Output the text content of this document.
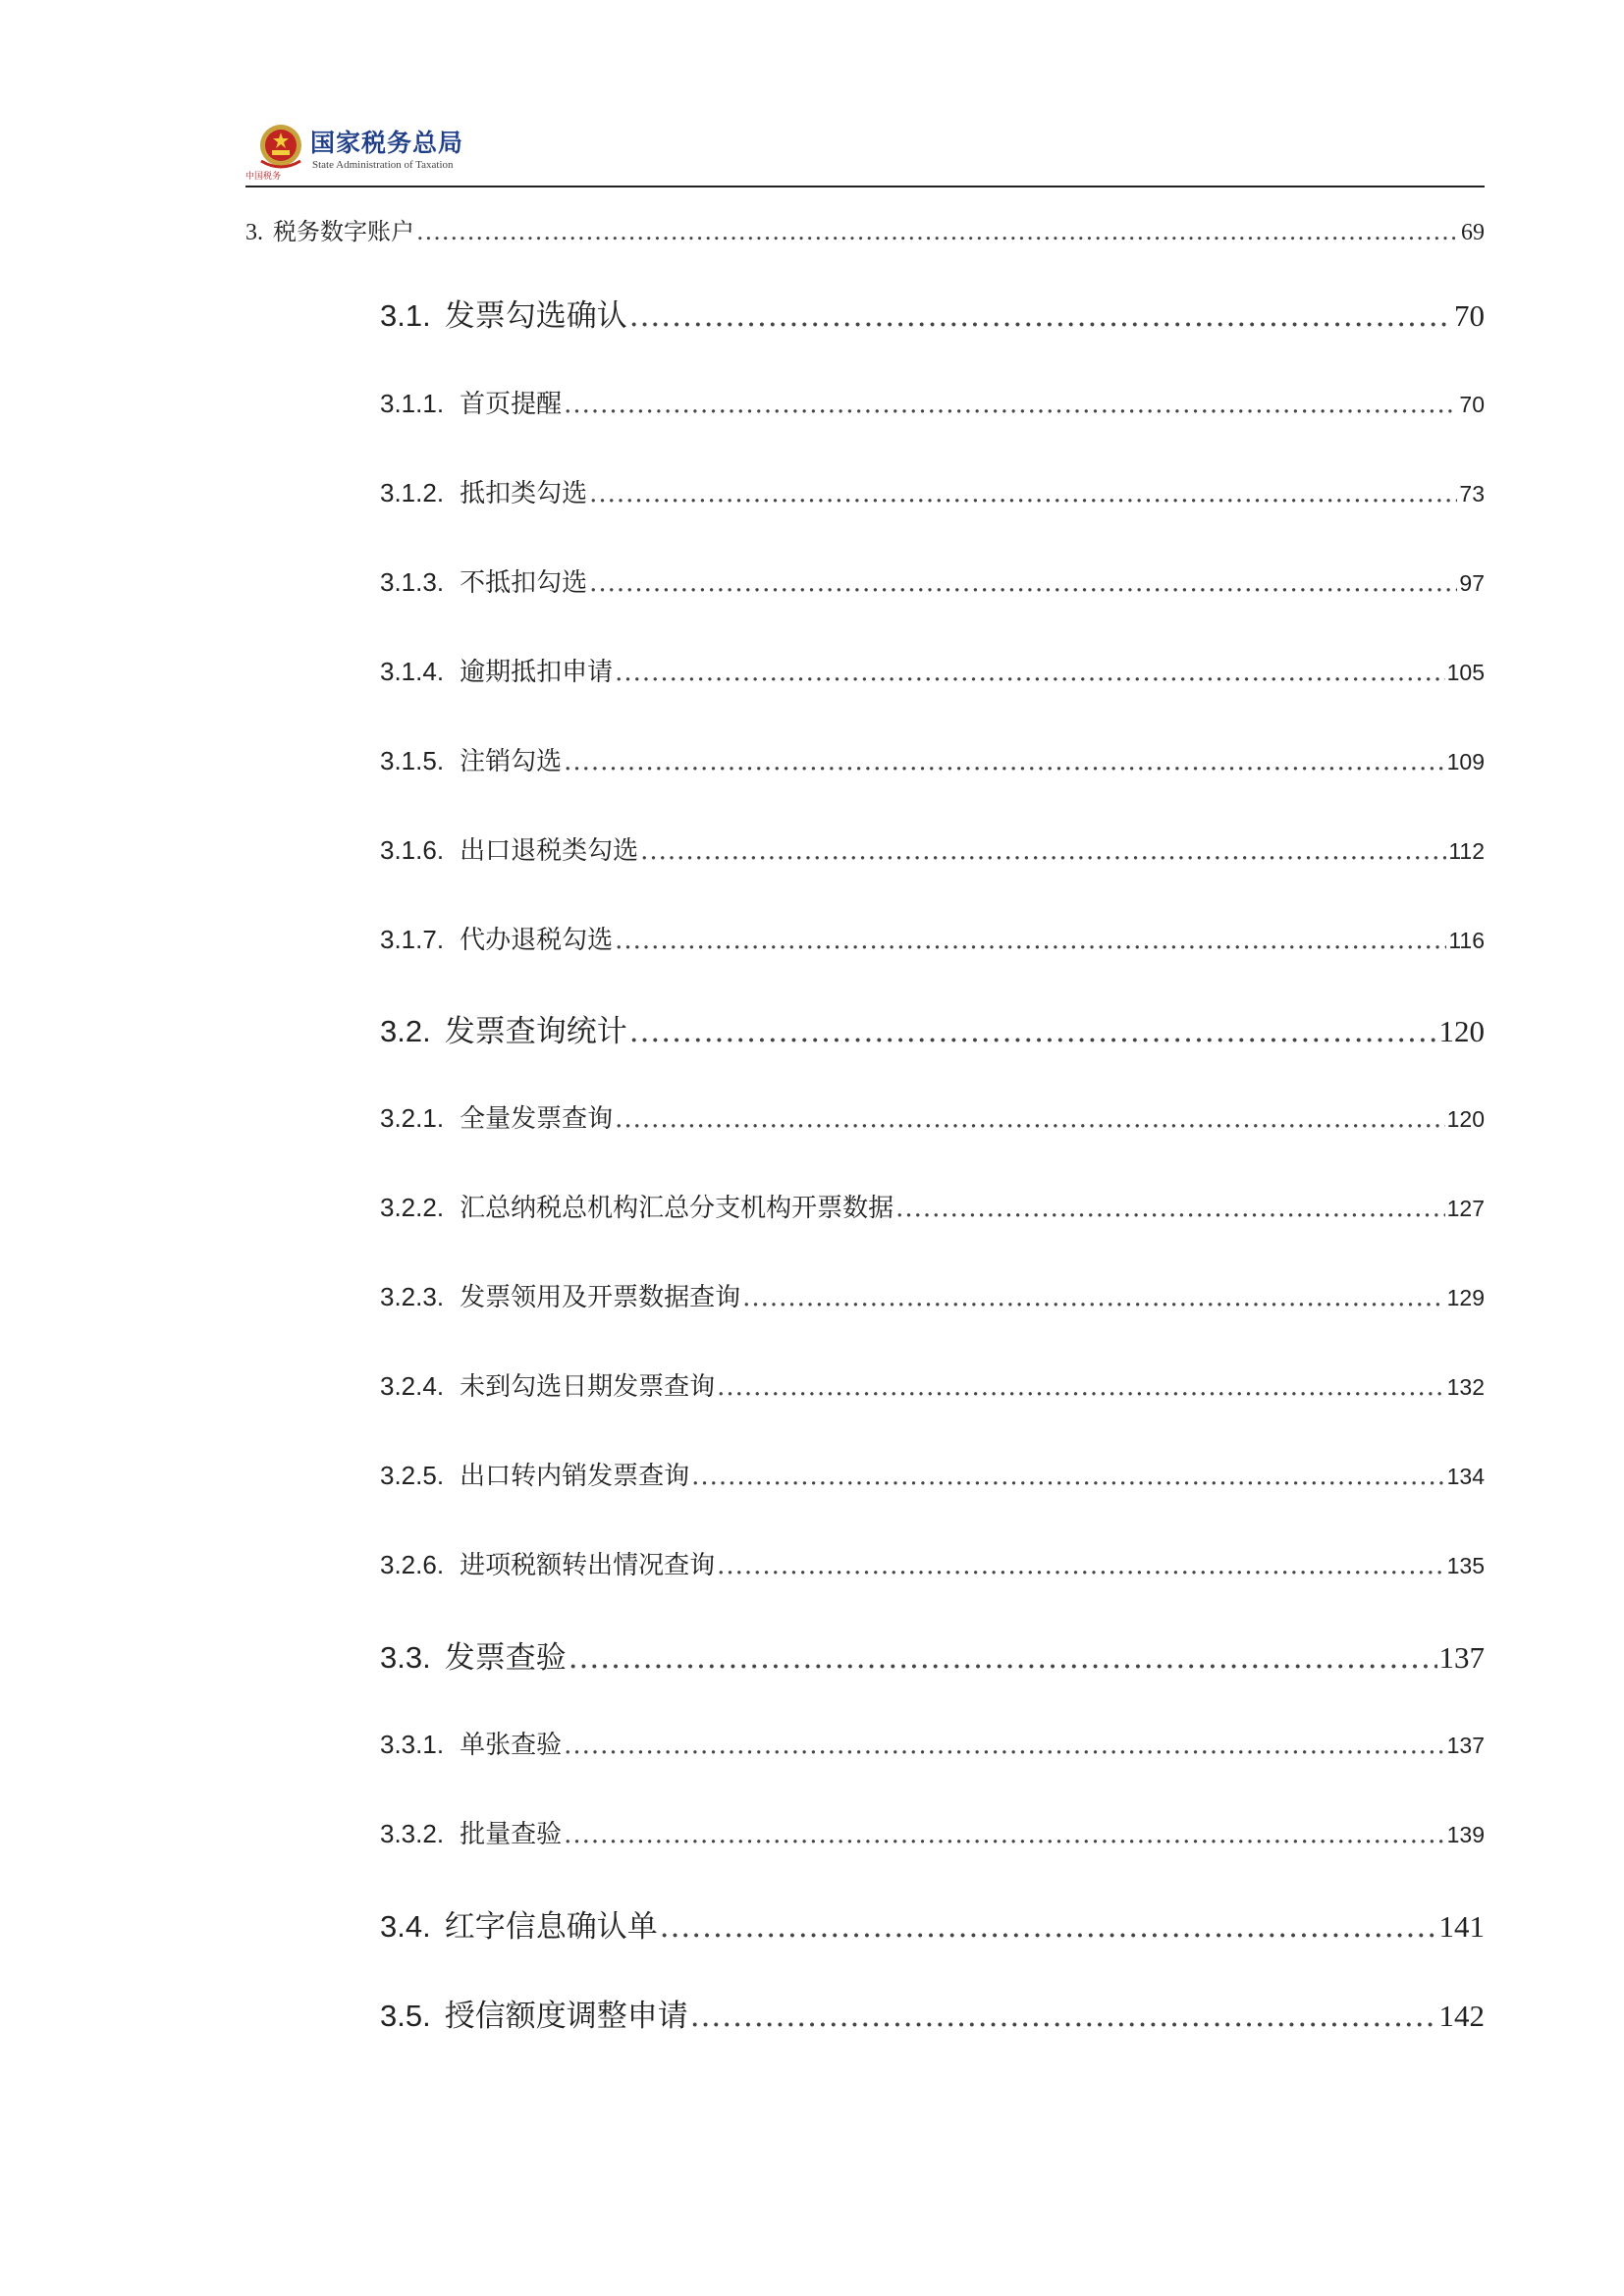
中国税务
国家税务总局
State Administration of Taxation
3. 税务数字账户 .....	69
3.1. 发票勾选确认 .....	70
3.1.1. 首页提醒 .....	70
3.1.2. 抵扣类勾选 .....	73
3.1.3. 不抵扣勾选 .....	97
3.1.4. 逾期抵扣申请 .....	105
3.1.5. 注销勾选 .....	109
3.1.6. 出口退税类勾选 .....	112
3.1.7. 代办退税勾选 .....	116
3.2. 发票查询统计 .....	120
3.2.1. 全量发票查询 .....	120
3.2.2. 汇总纳税总机构汇总分支机构开票数据 .....	127
3.2.3. 发票领用及开票数据查询 .....	129
3.2.4. 未到勾选日期发票查询 .....	132
3.2.5. 出口转内销发票查询 .....	134
3.2.6. 进项税额转出情况查询 .....	135
3.3. 发票查验 .....	137
3.3.1. 单张查验 .....	137
3.3.2. 批量查验 .....	139
3.4. 红字信息确认单 .....	141
3.5. 授信额度调整申请 .....	142
